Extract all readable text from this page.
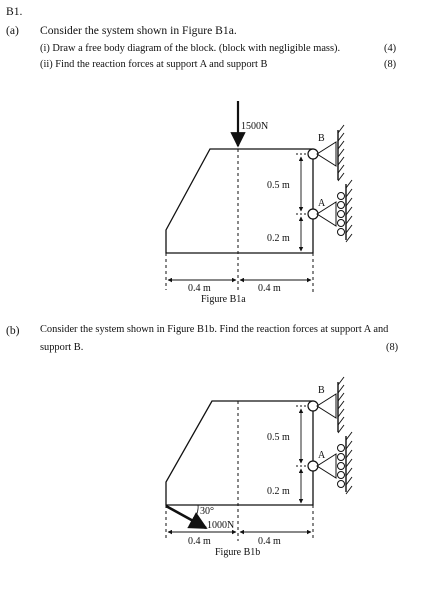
B1.
(a) Consider the system shown in Figure B1a.
(i) Draw a free body diagram of the block. (block with negligible mass).	(4)
(ii) Find the reaction forces at support A and support B	(8)
1500N
B
A
0.5 m
0.2 m
0.4 m	0.4 m
Figure B1a
(b) Consider the system shown in Figure B1b. Find the reaction forces at support A and
support B.	(8)
30°
1000N
B
A
0.5 m
0.2 m
0.4 m	0.4 m
Figure B1b
